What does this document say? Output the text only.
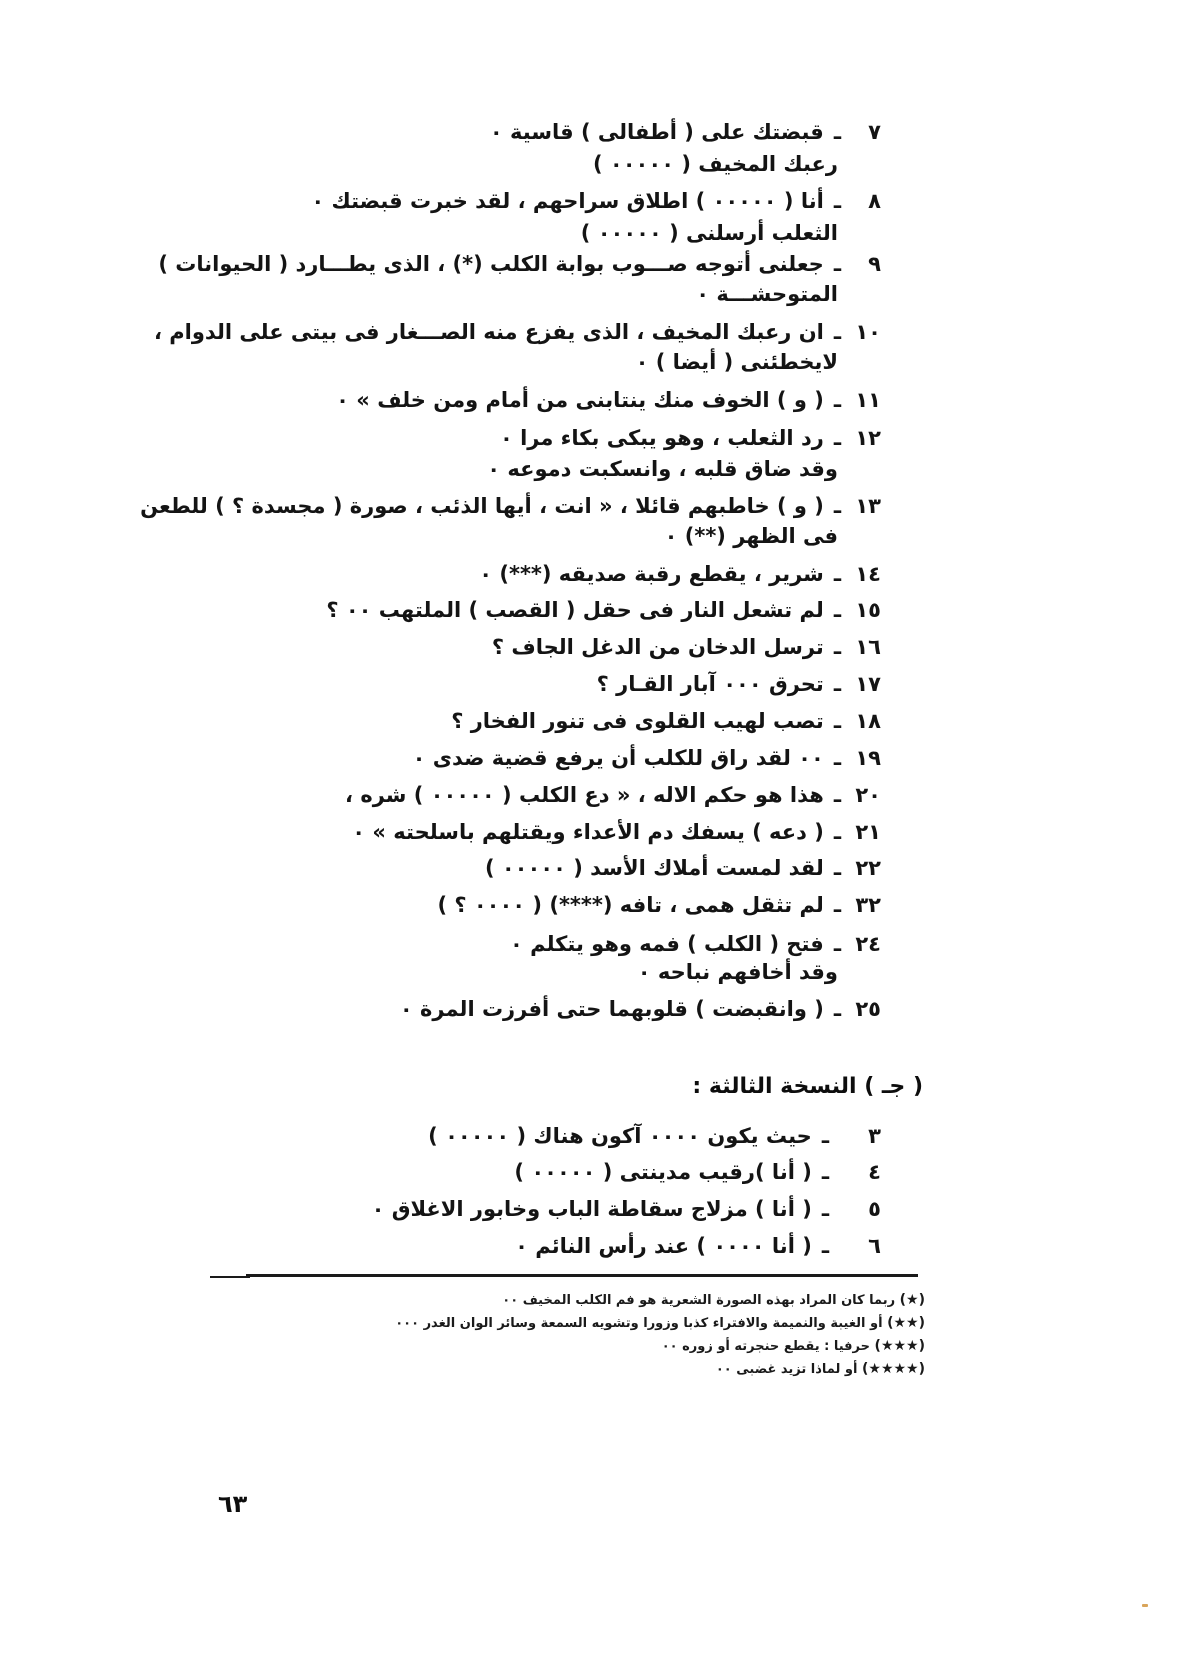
٧ـقبضتك على ( أطفالى ) قاسية ٠
رعبك المخيف ( ٠٠٠٠٠ )
٨ـأنا ( ٠٠٠٠٠ ) اطلاق سراحهم ، لقد خبرت قبضتك ٠
الثعلب أرسلنى ( ٠٠٠٠٠ )
٩ـجعلنى أتوجه صـــوب بوابة الكلب (*) ، الذى يطـــارد ( الحيوانات )
المتوحشـــة ٠
١٠ـان رعبك المخيف ، الذى يفزع منه الصـــغار فى بيتى على الدوام ،
لايخطئنى ( أيضا ) ٠
١١ـ( و ) الخوف منك ينتابنى من أمام ومن خلف » ٠
١٢ـرد الثعلب ، وهو يبكى بكاء مرا ٠
وقد ضاق قلبه ، وانسكبت دموعه ٠
١٣ـ( و ) خاطبهم قائلا ، « انت ، أيها الذئب ، صورة ( مجسدة ؟ ) للطعن
فى الظهر (**) ٠
١٤ـشرير ، يقطع رقبة صديقه (***) ٠
١٥ـلم تشعل النار فى حقل ( القصب ) الملتهب ٠٠ ؟
١٦ـترسل الدخان من الدغل الجاف ؟
١٧ـتحرق ٠٠٠ آبار القـار ؟
١٨ـتصب لهيب القلوى فى تنور الفخار ؟
١٩ـ٠٠ لقد راق للكلب أن يرفع قضية ضدى ٠
٢٠ـهذا هو حكم الاله ، « دع الكلب ( ٠٠٠٠٠ ) شره ،
٢١ـ( دعه ) يسفك دم الأعداء ويقتلهم باسلحته » ٠
٢٢ـلقد لمست أملاك الأسد ( ٠٠٠٠٠ )
٣٢ـلم تثقل همى ، تافه (****) ( ٠٠٠٠ ؟ )
٢٤ـفتح ( الكلب ) فمه وهو يتكلم ٠
وقد أخافهم نباحه ٠
٢٥ـ( وانقبضت ) قلوبهما حتى أفرزت المرة ٠
( جـ ) النسخة الثالثة :
٣ـحيث يكون ٠٠٠٠ آكون هناك ( ٠٠٠٠٠ )
٤ـ( أنا )رقيب مدينتى ( ٠٠٠٠٠ )
٥ـ( أنا ) مزلاج سقاطة الباب وخابور الاغلاق ٠
٦ـ( أنا ٠٠٠٠ ) عند رأس النائم ٠
(★) ربما كان المراد بهذه الصورة الشعرية هو فم الكلب المخيف ٠٠
(★★) أو الغيبة والنميمة والافتراء كذبا وزورا وتشويه السمعة وسائر الوان الغدر ٠٠٠
(★★★) حرفيا : يقطع حنجرته أو زوره ٠٠
(★★★★) أو لماذا تزيد غضبى ٠٠
٦٣
